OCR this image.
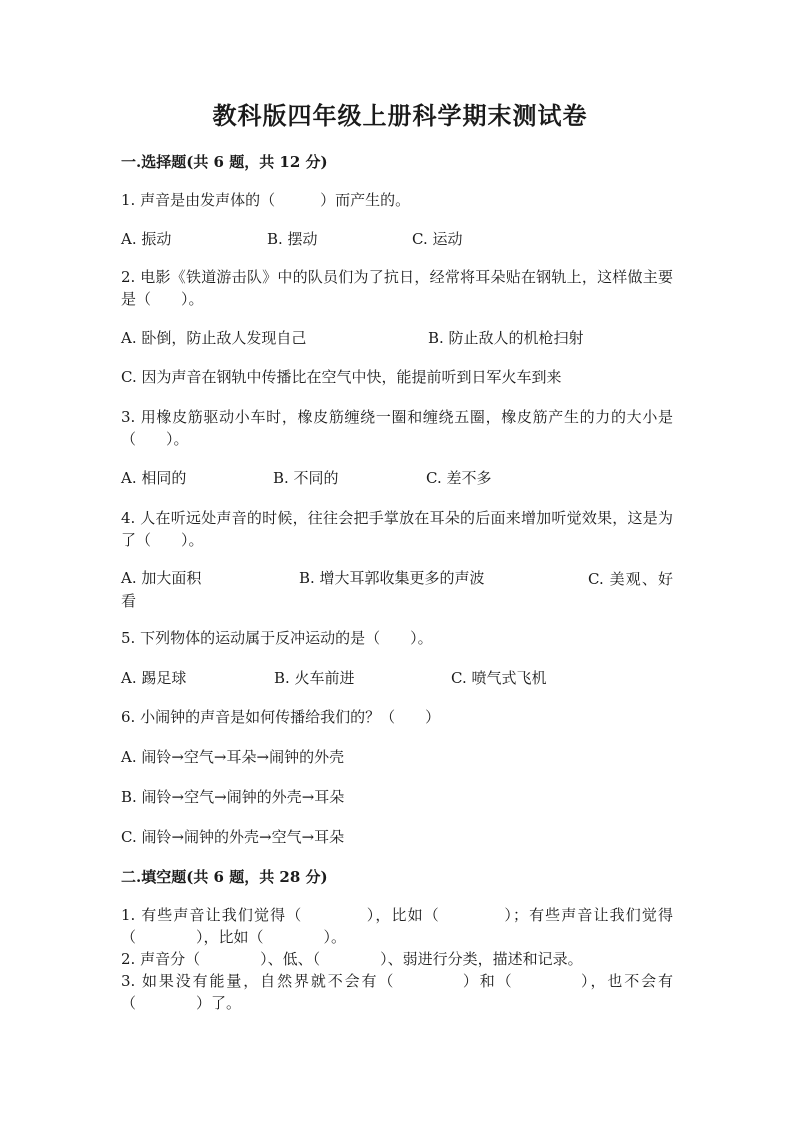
教科版四年级上册科学期末测试卷
一.选择题(共 6 题，共 12 分)
1. 声音是由发声体的（　　　）而产生的。
A. 振动	B. 摆动	C. 运动
2. 电影《铁道游击队》中的队员们为了抗日，经常将耳朵贴在钢轨上，这样做主要是（　　）。
A. 卧倒，防止敌人发现自己	B. 防止敌人的机枪扫射
C. 因为声音在钢轨中传播比在空气中快，能提前听到日军火车到来
3. 用橡皮筋驱动小车时，橡皮筋缠绕一圈和缠绕五圈，橡皮筋产生的力的大小是（　　）。
A. 相同的	B. 不同的	C. 差不多
4. 人在听远处声音的时候，往往会把手掌放在耳朵的后面来增加听觉效果，这是为了（　　）。
A. 加大面积	B. 增大耳郭收集更多的声波	C. 美观、好看
5. 下列物体的运动属于反冲运动的是（　　）。
A. 踢足球	B. 火车前进	C. 喷气式飞机
6. 小闹钟的声音是如何传播给我们的？（　　）
A. 闹铃→空气→耳朵→闹钟的外壳
B. 闹铃→空气→闹钟的外壳→耳朵
C. 闹铃→闹钟的外壳→空气→耳朵
二.填空题(共 6 题，共 28 分)
1. 有些声音让我们觉得（　　　　），比如（　　　　）；有些声音让我们觉得（　　　　），比如（　　　　）。
2. 声音分（　　　　）、低、（　　　　）、弱进行分类，描述和记录。
3. 如果没有能量，自然界就不会有（　　　　）和（　　　　），也不会有（　　　　）了。
